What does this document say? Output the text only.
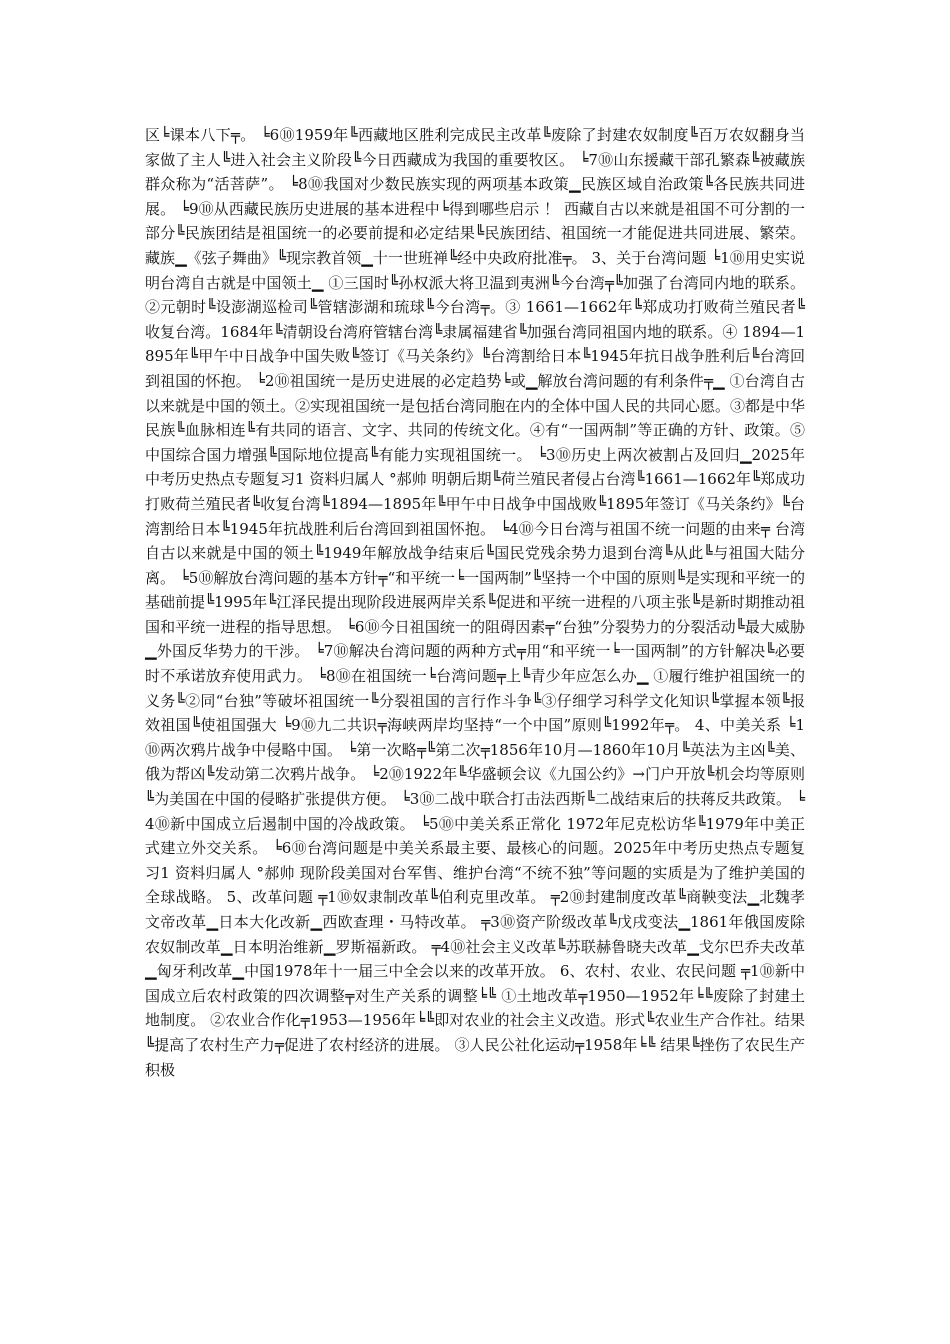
区╘课本八下╤。 ╘6⑩1959年╚西藏地区胜利完成民主改革╚废除了封建农奴制度╚百万农奴翻身当家做了主人╚进入社会主义阶段╚今日西藏成为我国的重要牧区。 ╘7⑩山东援藏干部孔繁森╚被藏族群众称为“活菩萨”。 ╘8⑩我国对少数民族实现的两项基本政策▁民族区域自治政策╚各民族共同进展。 ╘9⑩从西藏民族历史进展的基本进程中╘得到哪些启示 ！ 西藏自古以来就是祖国不可分割的一部分╚民族团结是祖国统一的必要前提和必定结果╚民族团结、祖国统一才能促进共同进展、繁荣。 藏族▁《弦子舞曲》╚现宗教首领▁十一世班禅╚经中央政府批准╤。 3、关于台湾问题 ╘1⑩用史实说明台湾自古就是中国领土▁ ①三国时╚孙权派大将卫温到夷洲╚今台湾╤╚加强了台湾同内地的联系。②元朝时╚设澎湖巡检司╚管辖澎湖和琉球╚今台湾╤。③ 1661—1662年╚郑成功打败荷兰殖民者╚收复台湾。1684年╚清朝设台湾府管辖台湾╚隶属福建省╚加强台湾同祖国内地的联系。④ 1894—1895年╚甲午中日战争中国失败╚签订《马关条约》╚台湾割给日本╚1945年抗日战争胜利后╚台湾回到祖国的怀抱。 ╘2⑩祖国统一是历史进展的必定趋势╘或▁解放台湾问题的有利条件╤▁ ①台湾自古以来就是中国的领土。②实现祖国统一是包括台湾同胞在内的全体中国人民的共同心愿。③都是中华民族╚血脉相连╚有共同的语言、文字、共同的传统文化。④有“一国两制”等正确的方针、政策。⑤中国综合国力增强╚国际地位提高╚有能力实现祖国统一。 ╘3⑩历史上两次被割占及回归▁2025年中考历史热点专题复习1 资料归属人 °郝帅 明朝后期╚荷兰殖民者侵占台湾╚1661—1662年╚郑成功打败荷兰殖民者╚收复台湾╚1894—1895年╚甲午中日战争中国战败╚1895年签订《马关条约》╚台湾割给日本╚1945年抗战胜利后台湾回到祖国怀抱。 ╘4⑩今日台湾与祖国不统一问题的由来╤ 台湾自古以来就是中国的领土╚1949年解放战争结束后╚国民党残余势力退到台湾╚从此╚与祖国大陆分离。 ╘5⑩解放台湾问题的基本方针╤“和平统一╘一国两制”╚坚持一个中国的原则╚是实现和平统一的基础前提╚1995年╚江泽民提出现阶段进展两岸关系╚促进和平统一进程的八项主张╚是新时期推动祖国和平统一进程的指导思想。 ╘6⑩今日祖国统一的阻碍因素╤“台独”分裂势力的分裂活动╚最大威胁▁外国反华势力的干涉。 ╘7⑩解决台湾问题的两种方式╤用“和平统一╘一国两制”的方针解决╚必要时不承诺放弃使用武力。 ╘8⑩在祖国统一╘台湾问题╤上╚青少年应怎么办▁ ①履行维护祖国统一的义务╚②同“台独”等破坏祖国统一╚分裂祖国的言行作斗争╚③仔细学习科学文化知识╚掌握本领╚报效祖国╚使祖国强大 ╘9⑩九二共识╤海峡两岸均坚持“一个中国”原则╚1992年╤。 4、中美关系 ╘1⑩两次鸦片战争中侵略中国。 ╘第一次略╤╚第二次╤1856年10月—1860年10月╚英法为主凶╚美、俄为帮凶╚发动第二次鸦片战争。 ╘2⑩1922年╚华盛顿会议《九国公约》→门户开放╚机会均等原则╚为美国在中国的侵略扩张提供方便。 ╘3⑩二战中联合打击法西斯╚二战结束后的扶蒋反共政策。 ╘4⑩新中国成立后遏制中国的冷战政策。 ╘5⑩中美关系正常化 1972年尼克松访华╚1979年中美正式建立外交关系。 ╘6⑩台湾问题是中美关系最主要、最核心的问题。2025年中考历史热点专题复习1 资料归属人 °郝帅 现阶段美国对台军售、维护台湾“不统不独”等问题的实质是为了维护美国的全球战略。 5、改革问题 ╤1⑩奴隶制改革╚伯利克里改革。 ╤2⑩封建制度改革╚商鞅变法▁北魏孝文帝改革▁日本大化改新▁西欧查理・马特改革。 ╤3⑩资产阶级改革╚戊戌变法▁1861年俄国废除农奴制改革▁日本明治维新▁罗斯福新政。 ╤4⑩社会主义改革╚苏联赫鲁晓夫改革▁戈尔巴乔夫改革▁匈牙利改革▁中国1978年十一届三中全会以来的改革开放。 6、农村、农业、农民问题 ╤1⑩新中国成立后农村政策的四次调整╤对生产关系的调整╘╚ ①土地改革╤1950—1952年╘╚废除了封建土地制度。 ②农业合作化╤1953—1956年╘╚即对农业的社会主义改造。形式╚农业生产合作社。结果╚提高了农村生产力╤促进了农村经济的进展。 ③人民公社化运动╤1958年╘╚ 结果╚挫伤了农民生产积极
